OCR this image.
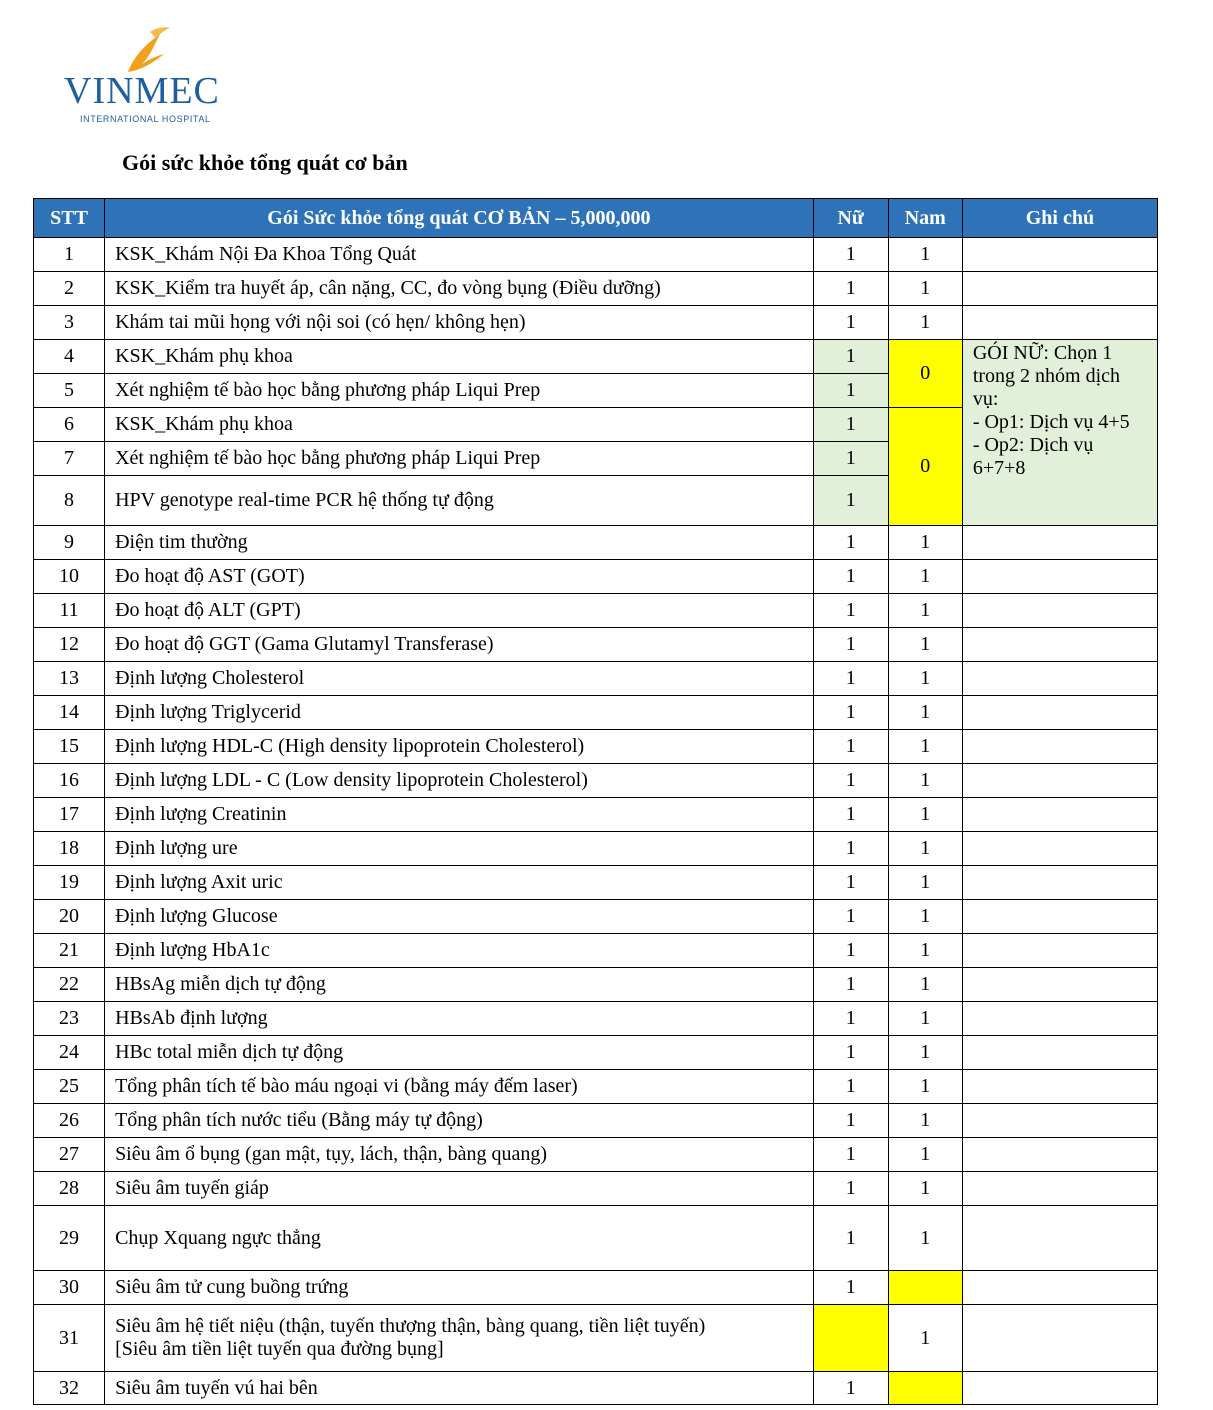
VINMEC
INTERNATIONAL HOSPITAL
Gói sức khỏe tổng quát cơ bản
STT	Gói Sức khỏe tổng quát CƠ BẢN – 5,000,000	Nữ	Nam	Ghi chú
1	KSK_Khám Nội Đa Khoa Tổng Quát	1	1	
2	KSK_Kiểm tra huyết áp, cân nặng, CC, đo vòng bụng (Điều dưỡng)	1	1	
3	Khám tai mũi họng với nội soi (có hẹn/ không hẹn)	1	1	
4	KSK_Khám phụ khoa	1	0	GÓI NỮ: Chọn 1 trong 2 nhóm dịch vụ:
- Op1: Dịch vụ 4+5
- Op2: Dịch vụ 6+7+8

5	Xét nghiệm tế bào học bằng phương pháp Liqui Prep	1		
6	KSK_Khám phụ khoa	1	0	
7	Xét nghiệm tế bào học bằng phương pháp Liqui Prep	1		
8	HPV genotype real-time PCR hệ thống tự động	1		
9	Điện tim thường	1	1	
10	Đo hoạt độ AST (GOT)	1	1	
11	Đo hoạt độ ALT (GPT)	1	1	
12	Đo hoạt độ GGT (Gama Glutamyl Transferase)	1	1	
13	Định lượng Cholesterol	1	1	
14	Định lượng Triglycerid	1	1	
15	Định lượng HDL-C (High density lipoprotein Cholesterol)	1	1	
16	Định lượng LDL - C (Low density lipoprotein Cholesterol)	1	1	
17	Định lượng Creatinin	1	1	
18	Định lượng ure	1	1	
19	Định lượng Axit uric	1	1	
20	Định lượng Glucose	1	1	
21	Định lượng HbA1c	1	1	
22	HBsAg miễn dịch tự động	1	1	
23	HBsAb định lượng	1	1	
24	HBc total miễn dịch tự động	1	1	
25	Tổng phân tích tế bào máu ngoại vi (bằng máy đếm laser)	1	1	
26	Tổng phân tích nước tiểu (Bằng máy tự động)	1	1	
27	Siêu âm ổ bụng (gan mật, tụy, lách, thận, bàng quang)	1	1	
28	Siêu âm tuyến giáp	1	1	
29	Chụp Xquang ngực thẳng	1	1	
30	Siêu âm tử cung buồng trứng	1		
31	Siêu âm hệ tiết niệu (thận, tuyến thượng thận, bàng quang, tiền liệt tuyến)
[Siêu âm tiền liệt tuyến qua đường bụng]		1	
32	Siêu âm tuyến vú hai bên	1		
